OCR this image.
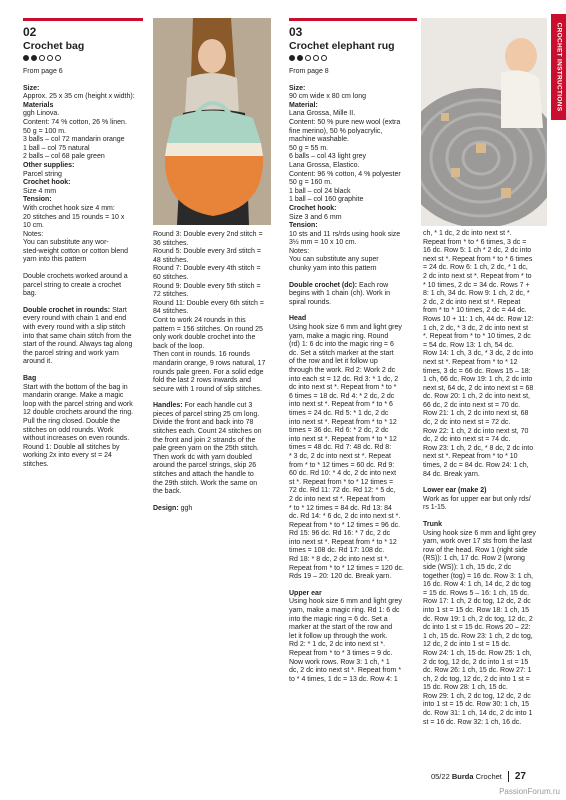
CROCHET INSTRUCTIONS
02
Crochet bag

From page 6

Size:

Approx. 25 x 35 cm (height x width):

Materials

ggh Linova.

Content: 74 % cotton, 26 % linen.

50 g = 100 m.

3 balls – col 72 mandarin orange

1 ball – col 75 natural

2 balls – col 68 pale green

Other supplies:

Parcel string

Crochet hook:

Size 4 mm

Tension:

With crochet hook size 4 mm:

20 stitches and 15 rounds = 10 x

10 cm.

Notes:

You can substitute any wor-

sted-weight cotton or cotton blend

yarn into this pattern

Double crochets worked around a

parcel string to create a crochet

bag.

Double crochet in rounds: Start

every round with chain 1 and end

with every round with a slip stitch

into that same chain stitch from the

start of the round. Always tag along

the parcel string and work yarn

around it.

Bag

Start with the bottom of the bag in

mandarin orange. Make a magic

loop with the parcel string and work

12 double crochets around the ring.

Pull the ring closed. Double the

stitches on odd rounds. Work

without increases on even rounds.

Round 1: Double all stitches by

working 2x into every st = 24

stitches.

Round 3: Double every 2nd stitch =

36 stitches.

Round 5: Double every 3rd stitch =

48 stitches.

Round 7: Double every 4th stitch =

60 stitches.

Round 9: Double every 5th stitch =

72 stitches.

Round 11: Double every 6th stitch =

84 stitches.

Cont to work 24 rounds in this

pattern = 156 stitches. On round 25

only work double crochet into the

back of the loop.

Then cont in rounds. 16 rounds

mandarin orange, 9 rows natural, 17

rounds pale green. For a solid edge

fold the last 2 rows inwards and

secure with 1 round of slip stitches.

Handles: For each handle cut 3

pieces of parcel string 25 cm long.

Divide the front and back into 78

stitches each. Count 24 stitches on

the front and join 2 strands of the

pale green yarn on the 25th stitch.

Then work dc with yarn doubled

around the parcel strings, skip 26

stitches and attach the handle to

the 29th stitch. Work the same on

the back.

Design: ggh

03
Crochet elephant rug

From page 8

Size:

90 cm wide x 80 cm long

Material:

Lana Grossa, Mille II.

Content: 50 % pure new wool (extra

fine merino), 50 % polyacrylic,

machine washable.

50 g = 55 m.

6 balls – col 43 light grey

Lana Grossa, Elastico.

Content: 96 % cotton, 4 % polyester

50 g = 160 m.

1 ball – col 24 black

1 ball – col 160 graphite

Crochet hook:

Size 3 and 6 mm

Tension:

10 sts and 11 rs/rds using hook size

3½ mm = 10 x 10 cm.

Notes:

You can substitute any super

chunky yarn into this pattern

Double crochet (dc): Each row

begins with 1 chain (ch). Work in

spiral rounds.

Head

Using hook size 6 mm and light grey

yarn, make a magic ring. Round

(rd) 1: 6 dc into the magic ring = 6

dc. Set a stitch marker at the start

of the row and let it follow up

through the work. Rd 2: Work 2 dc

into each st = 12 dc. Rd 3: * 1 dc, 2

dc into next st *. Repeat from * to *

6 times = 18 dc. Rd 4: * 2 dc, 2 dc

into next st *. Repeat from * to * 6

times = 24 dc. Rd 5: * 1 dc, 2 dc

into next st *. Repeat from * to * 12

times = 36 dc. Rd 6: * 2 dc, 2 dc

into next st *. Repeat from * to * 12

times = 48 dc. Rd 7: 48 dc. Rd 8:

* 3 dc, 2 dc into next st *. Repeat

from * to * 12 times = 60 dc. Rd 9:

60 dc. Rd 10: * 4 dc, 2 dc into next

st *. Repeat from * to * 12 times =

72 dc. Rd 11: 72 dc. Rd 12: * 5 dc,

2 dc into next st *. Repeat from

* to * 12 times = 84 dc. Rd 13: 84

dc. Rd 14: * 6 dc, 2 dc into next st *.

Repeat from * to * 12 times = 96 dc.

Rd 15: 96 dc. Rd 16: * 7 dc, 2 dc

into next st *. Repeat from * to * 12

times = 108 dc. Rd 17: 108 dc.

Rd 18: * 8 dc, 2 dc into next st *.

Repeat from * to * 12 times = 120 dc.

Rds 19 – 20: 120 dc. Break yarn.

Upper ear

Using hook size 6 mm and light grey

yarn, make a magic ring. Rd 1: 6 dc

into the magic ring = 6 dc. Set a

marker at the start of the row and

let it follow up through the work.

Rd 2: * 1 dc, 2 dc into next st *.

Repeat from * to * 3 times = 9 dc.

Now work rows. Row 3: 1 ch, * 1

dc, 2 dc into next st *. Repeat from *

to * 4 times, 1 dc = 13 dc. Row 4: 1

ch, * 1 dc, 2 dc into next st *.

Repeat from * to * 6 times, 3 dc =

16 dc. Row 5: 1 ch * 2 dc, 2 dc into

next st *. Repeat from * to * 6 times

= 24 dc. Row 6: 1 ch, 2 dc, * 1 dc,

2 dc into next st *. Repeat from * to

* 10 times, 2 dc = 34 dc. Rows 7 +

8: 1 ch, 34 dc. Row 9: 1 ch, 2 dc, *

2 dc, 2 dc into next st *. Repeat

from * to * 10 times, 2 dc = 44 dc.

Rows 10 + 11: 1 ch, 44 dc. Row 12:

1 ch, 2 dc, * 3 dc, 2 dc into next st

*. Repeat from * to * 10 times, 2 dc

= 54 dc. Row 13: 1 ch, 54 dc.

Row 14: 1 ch, 3 dc, * 3 dc, 2 dc into

next st *. Repeat from * to * 12

times, 3 dc = 66 dc. Rows 15 – 18:

1 ch, 66 dc. Row 19: 1 ch, 2 dc into

next st, 64 dc, 2 dc into next st = 68

dc. Row 20: 1 ch, 2 dc into next st,

66 dc, 2 dc into next st = 70 dc.

Row 21: 1 ch, 2 dc into next st, 68

dc, 2 dc into next st = 72 dc.

Row 22: 1 ch, 2 dc into next st, 70

dc, 2 dc into next st = 74 dc.

Row 23: 1 ch, 2 dc, * 8 dc, 2 dc into

next st *. Repeat from * to * 10

times, 2 dc = 84 dc. Row 24: 1 ch,

84 dc. Break yarn.

Lower ear (make 2)

Work as for upper ear but only rds/

rs 1-15.

Trunk

Using hook size 6 mm and light grey

yarn, work over 17 sts from the last

row of the head. Row 1 (right side

(RS)): 1 ch, 17 dc. Row 2 (wrong

side (WS)): 1 ch, 15 dc, 2 dc

together (tog) = 16 dc. Row 3: 1 ch,

16 dc. Row 4: 1 ch, 14 dc, 2 dc tog

= 15 dc. Rows 5 – 16: 1 ch, 15 dc.

Row 17: 1 ch, 2 dc tog, 12 dc, 2 dc

into 1 st = 15 dc. Row 18: 1 ch, 15

dc. Row 19: 1 ch, 2 dc tog, 12 dc, 2

dc into 1 st = 15 dc. Rows 20 – 22:

1 ch, 15 dc. Row 23: 1 ch, 2 dc tog,

12 dc, 2 dc into 1 st = 15 dc.

Row 24: 1 ch, 15 dc. Row 25: 1 ch,

2 dc tog, 12 dc, 2 dc into 1 st = 15

dc. Row 26: 1 ch, 15 dc. Row 27: 1

ch, 2 dc tog, 12 dc, 2 dc into 1 st =

15 dc. Row 28: 1 ch, 15 dc.

Row 29: 1 ch, 2 dc tog, 12 dc, 2 dc

into 1 st = 15 dc. Row 30: 1 ch, 15

dc. Row 31: 1 ch, 14 dc, 2 dc into 1

st = 16 dc. Row 32: 1 ch, 16 dc.

05/22 Burda Crochet	27
PassionForum.ru
